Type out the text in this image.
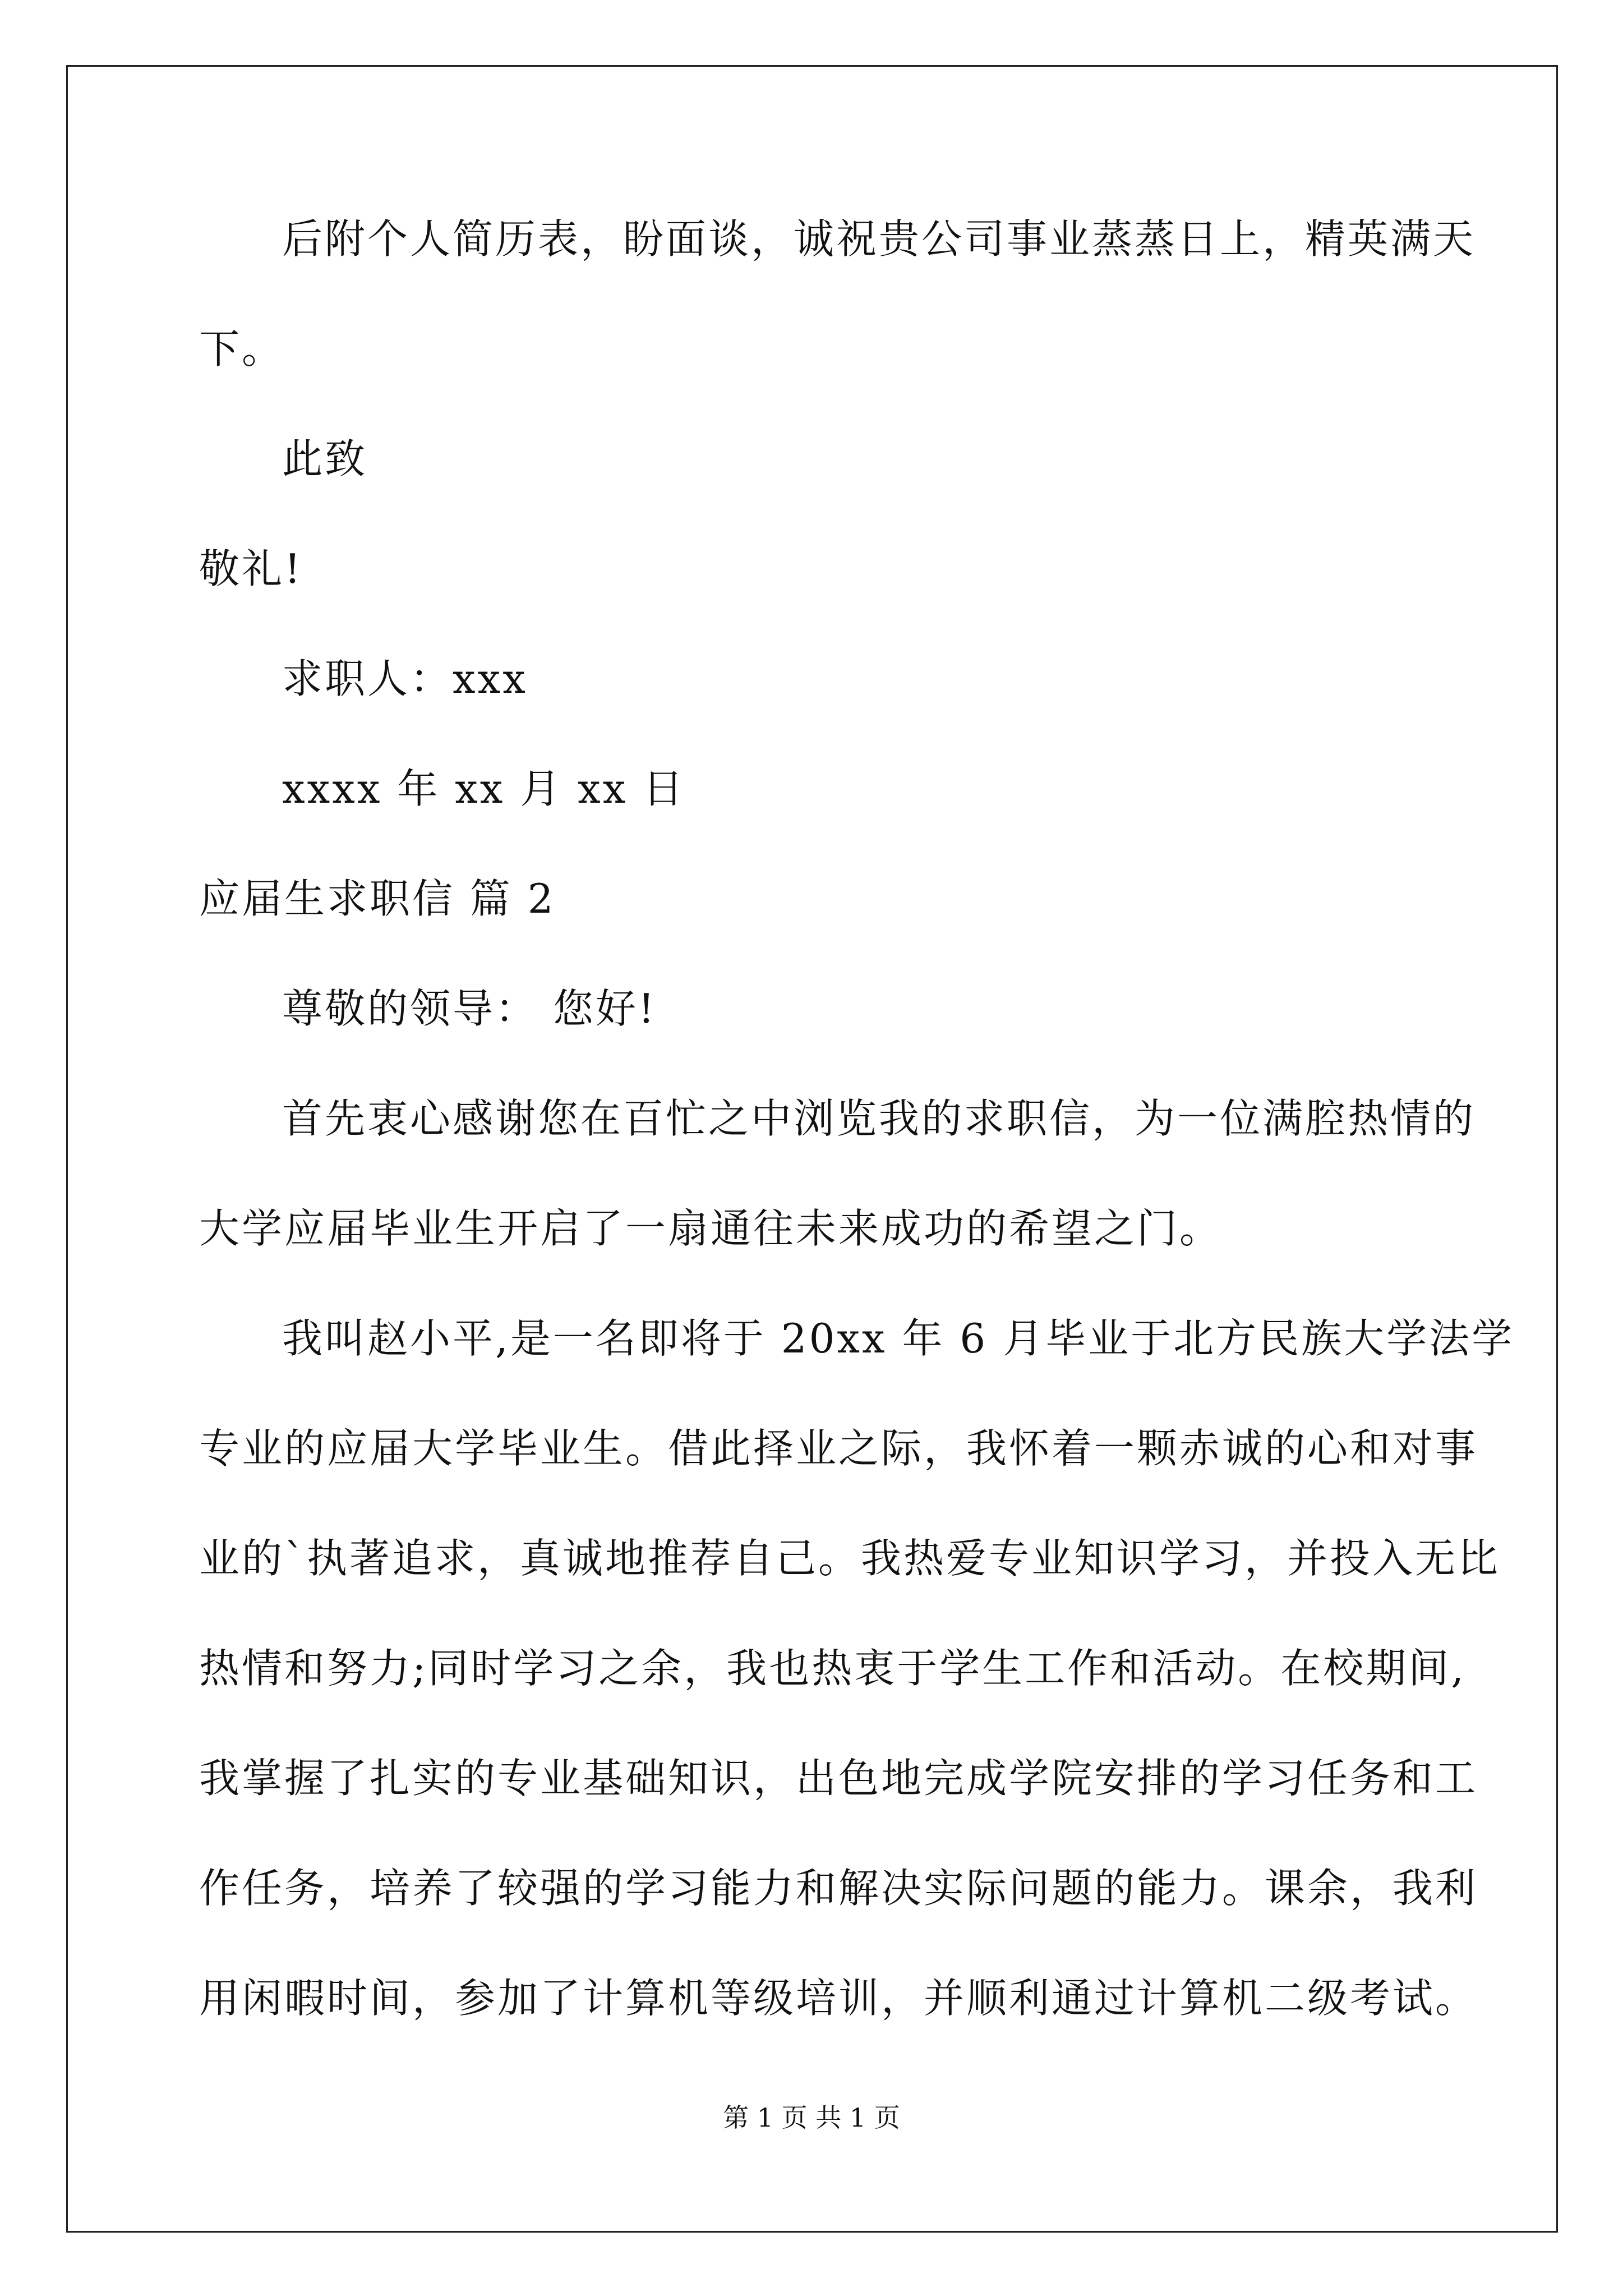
后附个人简历表，盼面谈，诚祝贵公司事业蒸蒸日上，精英满天
下。
此致
敬礼!
求职人：xxx
xxxx 年 xx 月 xx 日
应届生求职信 篇 2
尊敬的领导： 您好!
首先衷心感谢您在百忙之中浏览我的求职信，为一位满腔热情的
大学应届毕业生开启了一扇通往未来成功的希望之门。
我叫赵小平,是一名即将于 20xx 年 6 月毕业于北方民族大学法学
专业的应届大学毕业生。借此择业之际，我怀着一颗赤诚的心和对事
业的`执著追求，真诚地推荐自己。我热爱专业知识学习，并投入无比
热情和努力;同时学习之余，我也热衷于学生工作和活动。在校期间,
我掌握了扎实的专业基础知识，出色地完成学院安排的学习任务和工
作任务，培养了较强的学习能力和解决实际问题的能力。课余，我利
用闲暇时间，参加了计算机等级培训，并顺利通过计算机二级考试。
第 1 页 共 1 页
